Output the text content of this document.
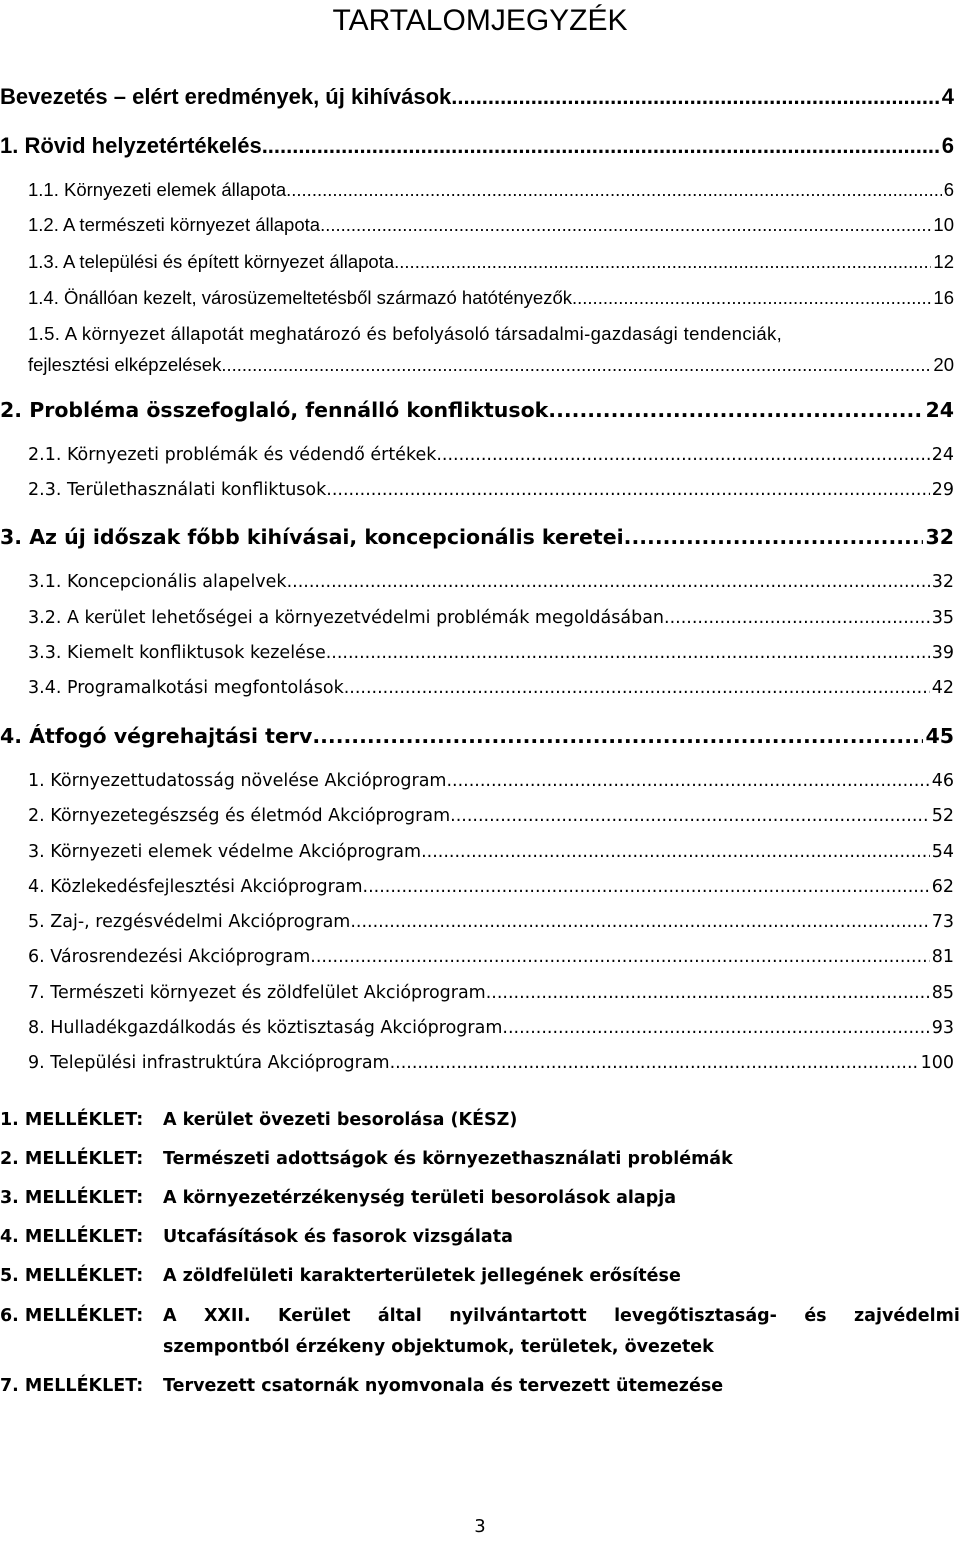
TARTALOMJEGYZÉK
Bevezetés – elért eredmények, új kihívások .....	4
1. Rövid helyzetértékelés .....	6
1.1. Környezeti elemek állapota .....	6
1.2. A természeti környezet állapota .....	10
1.3. A települési és épített környezet állapota .....	12
1.4. Önállóan kezelt, városüzemeltetésből származó hatótényezők .....	16
1.5. A környezet állapotát meghatározó és befolyásoló társadalmi-gazdasági tendenciák,
fejlesztési elképzelések .....	20
2. Probléma összefoglaló, fennálló konfliktusok .....	24
2.1. Környezeti problémák és védendő értékek .....	24
2.3. Területhasználati konfliktusok .....	29
3. Az új időszak főbb kihívásai, koncepcionális keretei .....	32
3.1. Koncepcionális alapelvek .....	32
3.2. A kerület lehetőségei a környezetvédelmi problémák megoldásában .....	35
3.3. Kiemelt konfliktusok kezelése .....	39
3.4. Programalkotási megfontolások .....	42
4. Átfogó végrehajtási terv .....	45
1. Környezettudatosság növelése Akcióprogram .....	46
2. Környezetegészség és életmód Akcióprogram .....	52
3. Környezeti elemek védelme Akcióprogram .....	54
4. Közlekedésfejlesztési Akcióprogram .....	62
5. Zaj-, rezgésvédelmi Akcióprogram .....	73
6. Városrendezési Akcióprogram .....	81
7. Természeti környezet és zöldfelület Akcióprogram .....	85
8. Hulladékgazdálkodás és köztisztaság Akcióprogram .....	93
9. Települési infrastruktúra Akcióprogram .....	100
1. MELLÉKLET: A kerület övezeti besorolása (KÉSZ)
2. MELLÉKLET: Természeti adottságok és környezethasználati problémák
3. MELLÉKLET: A környezetérzékenység területi besorolások alapja
4. MELLÉKLET: Utcafásítások és fasorok vizsgálata
5. MELLÉKLET: A zöldfelületi karakterterületek jellegének erősítése
6. MELLÉKLET: A XXII. Kerület által nyilvántartott levegőtisztaság- és zajvédelmi
szempontból érzékeny objektumok, területek, övezetek
7. MELLÉKLET: Tervezett csatornák nyomvonala és tervezett ütemezése
3
